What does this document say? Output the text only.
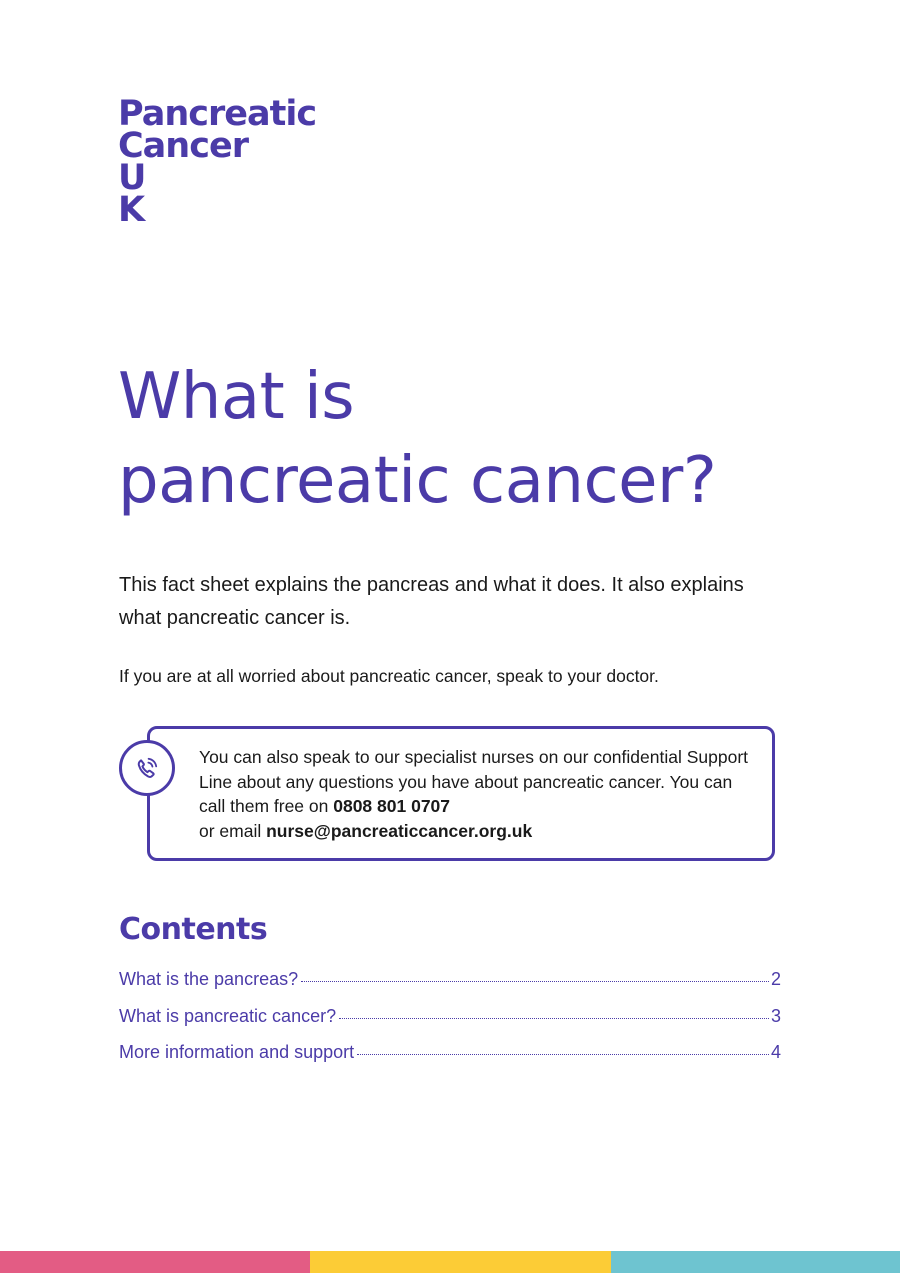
Pancreatic
Cancer
U
K
What is
pancreatic cancer?

This fact sheet explains the pancreas and what it does. It also explains what pancreatic cancer is.

If you are at all worried about pancreatic cancer, speak to your doctor.

You can also speak to our specialist nurses on our confidential Support Line about any questions you have about pancreatic cancer. You can call them free on 0808 801 0707
or email nurse@pancreaticcancer.org.uk
Contents
What is the pancreas?	2
What is pancreatic cancer?	3
More information and support	4
